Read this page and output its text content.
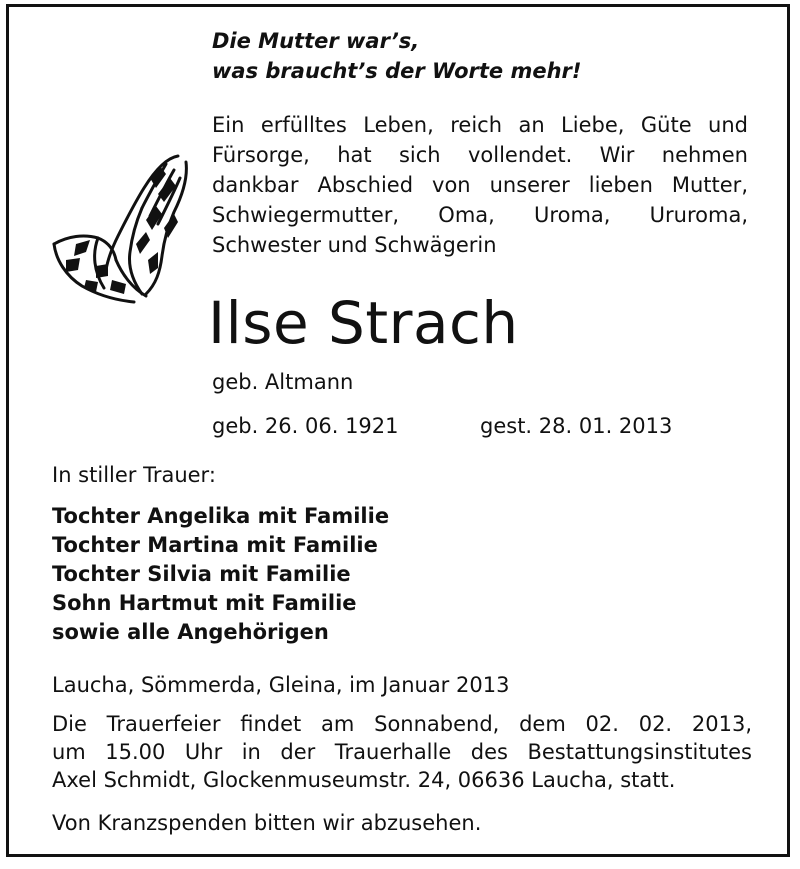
Die Mutter war’s,
was braucht’s der Worte mehr!
Ein erfülltes Leben, reich an Liebe, Güte und
Fürsorge, hat sich vollendet. Wir nehmen
dankbar Abschied von unserer lieben Mutter,
Schwiegermutter, Oma, Uroma, Ururoma,
Schwester und Schwägerin
Ilse Strach
geb. Altmann
geb. 26. 06. 1921	gest. 28. 01. 2013
In stiller Trauer:
Tochter Angelika mit Familie
Tochter Martina mit Familie
Tochter Silvia mit Familie
Sohn Hartmut mit Familie
sowie alle Angehörigen
Laucha, Sömmerda, Gleina, im Januar 2013
Die Trauerfeier findet am Sonnabend, dem 02. 02. 2013,
um 15.00 Uhr in der Trauerhalle des Bestattungsinstitutes
Axel Schmidt, Glockenmuseumstr. 24, 06636 Laucha, statt.
Von Kranzspenden bitten wir abzusehen.
